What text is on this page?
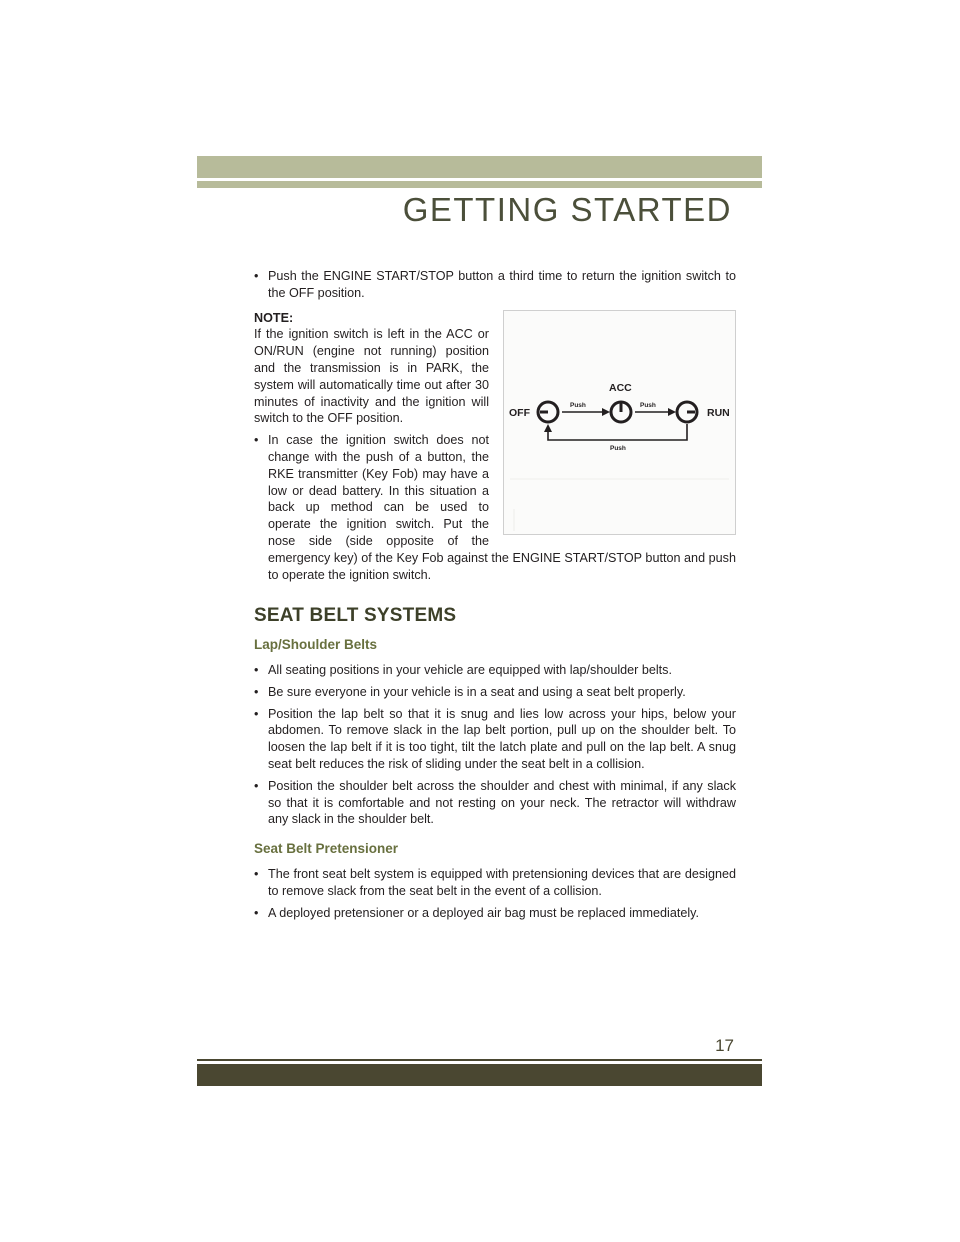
GETTING STARTED

• Push the ENGINE START/STOP button a third time to return the ignition switch to the OFF position.

OFF
Push
ACC
Push
RUN
Push

NOTE:

If the ignition switch is left in the ACC or ON/RUN (engine not running) position and the transmission is in PARK, the system will automatically time out after 30 minutes of inactivity and the ignition will switch to the OFF position.

• In case the ignition switch does not change with the push of a button, the RKE transmitter (Key Fob) may have a low or dead battery. In this situation a back up method can be used to operate the ignition switch. Put the nose side (side opposite of the emergency key) of the Key Fob against the ENGINE START/STOP button and push to operate the ignition switch.

SEAT BELT SYSTEMS
Lap/Shoulder Belts

• All seating positions in your vehicle are equipped with lap/shoulder belts.

• Be sure everyone in your vehicle is in a seat and using a seat belt properly.

• Position the lap belt so that it is snug and lies low across your hips, below your abdomen. To remove slack in the lap belt portion, pull up on the shoulder belt. To loosen the lap belt if it is too tight, tilt the latch plate and pull on the lap belt. A snug seat belt reduces the risk of sliding under the seat belt in a collision.

• Position the shoulder belt across the shoulder and chest with minimal, if any slack so that it is comfortable and not resting on your neck. The retractor will withdraw any slack in the shoulder belt.

Seat Belt Pretensioner

• The front seat belt system is equipped with pretensioning devices that are designed to remove slack from the seat belt in the event of a collision.

• A deployed pretensioner or a deployed air bag must be replaced immediately.

17
